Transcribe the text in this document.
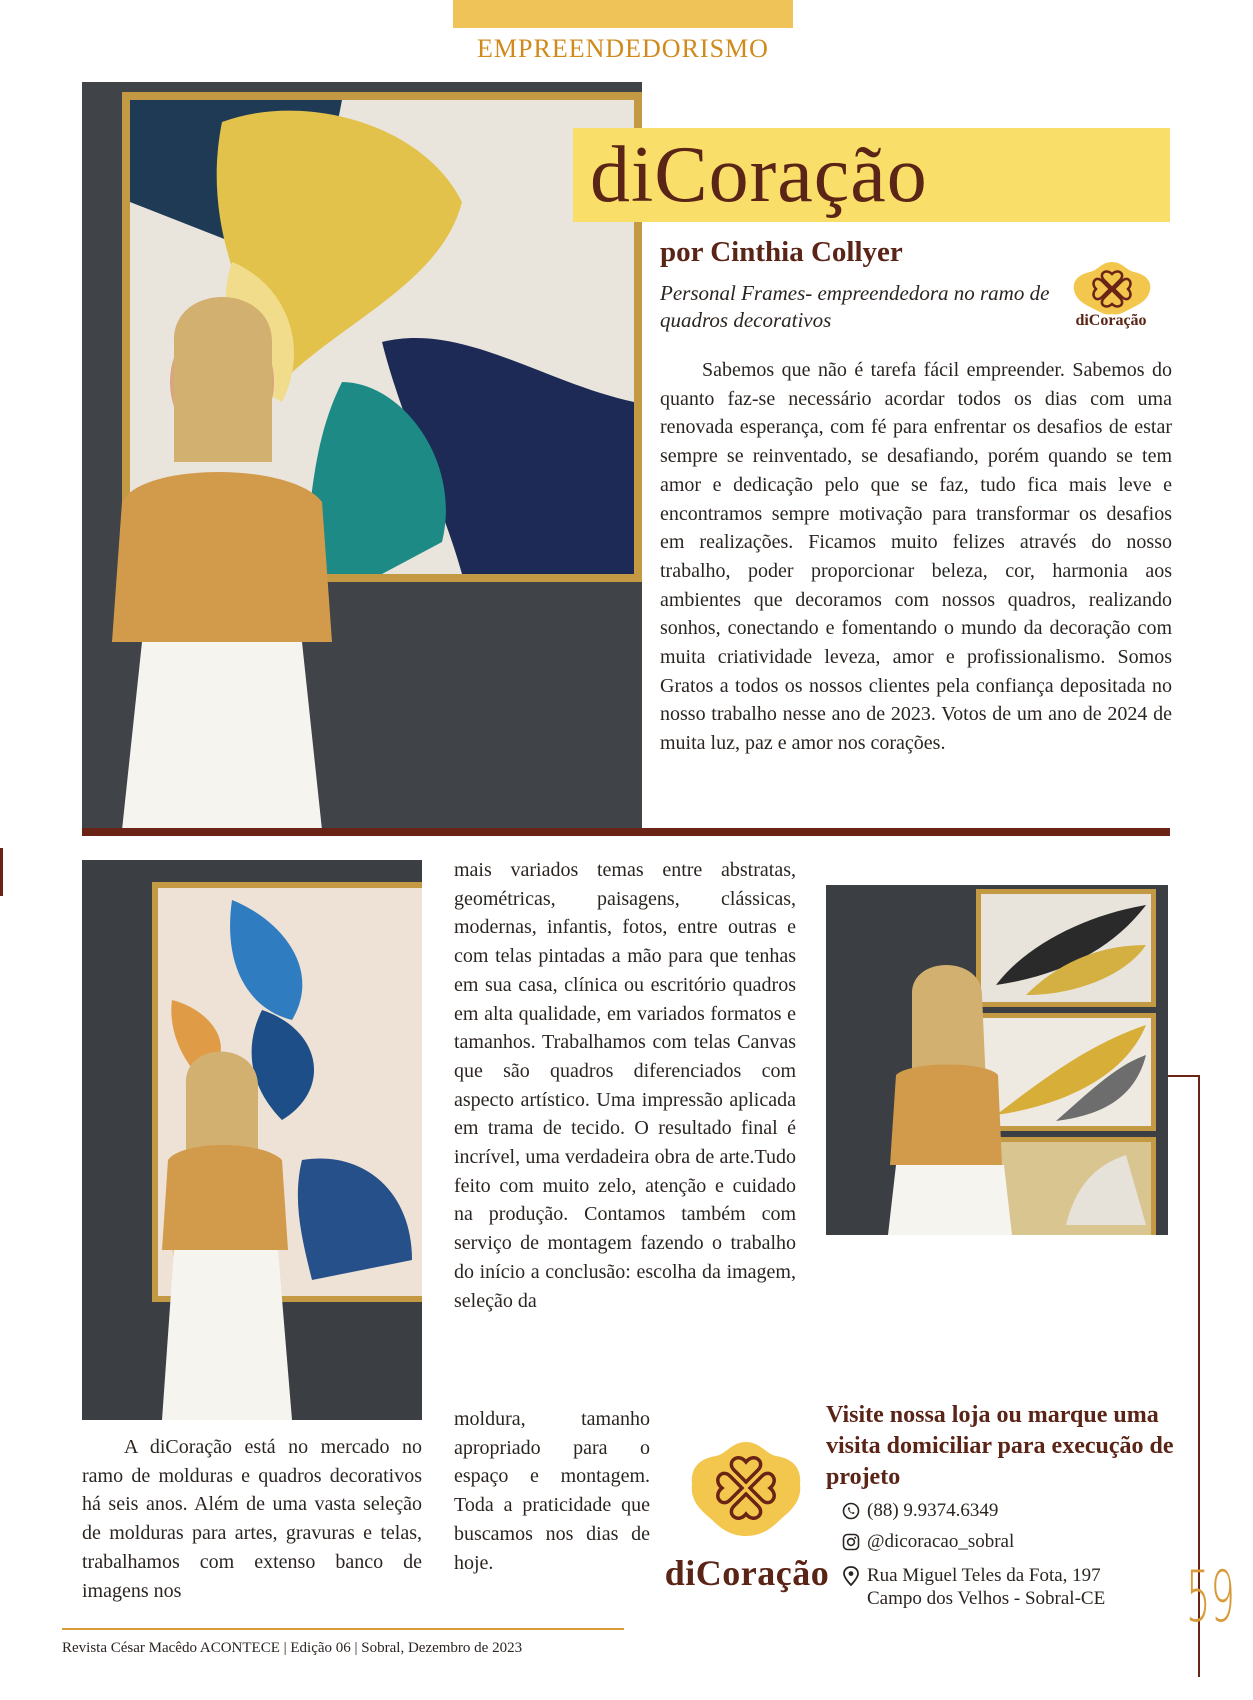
EMPREENDEDORISMO
diCoração
por Cinthia Collyer
Personal Frames- empreendedora no ramo de quadros decorativos	diCoração

Sabemos que não é tarefa fácil empreender. Sabemos do quanto faz-se necessário acordar todos os dias com uma renovada esperança, com fé para enfrentar os desafios de estar sempre se reinventado, se desafiando, porém quando se tem amor e dedicação pelo que se faz, tudo fica mais leve e encontramos sempre motivação para transformar os desafios em realizações. Ficamos muito felizes através do nosso trabalho, poder proporcionar beleza, cor, harmonia aos ambientes que decoramos com nossos quadros, realizando sonhos, conectando e fomentando o mundo da decoração com muita criatividade leveza, amor e profissionalismo. Somos Gratos a todos os nossos clientes pela confiança depositada no nosso trabalho nesse ano de 2023. Votos de um ano de 2024 de muita luz, paz e amor nos corações.

A diCoração está no mercado no ramo de molduras e quadros decorativos há seis anos. Além de uma vasta seleção de molduras para artes, gravuras e telas, trabalhamos com extenso banco de imagens nos

mais variados temas entre abstratas, geométricas, paisagens, clássicas, modernas, infantis, fotos, entre outras e com telas pintadas a mão para que tenhas em sua casa, clínica ou escritório quadros em alta qualidade, em variados formatos e tamanhos. Trabalhamos com telas Canvas que são quadros diferenciados com aspecto artístico. Uma impressão aplicada em trama de tecido. O resultado final é incrível, uma verdadeira obra de arte.Tudo feito com muito zelo, atenção e cuidado na produção. Contamos também com serviço de montagem fazendo o trabalho do início a conclusão: escolha da imagem, seleção da

moldura, tamanho apropriado para o espaço e montagem. Toda a praticidade que buscamos nos dias de hoje.	diCoração
Visite nossa loja ou marque uma visita domiciliar para execução de projeto
(88) 9.9374.6349
@dicoracao_sobral
Rua Miguel Teles da Fota, 197
Campo dos Velhos - Sobral-CE
Revista César Macêdo ACONTECE | Edição 06 | Sobral, Dezembro de 2023
59
